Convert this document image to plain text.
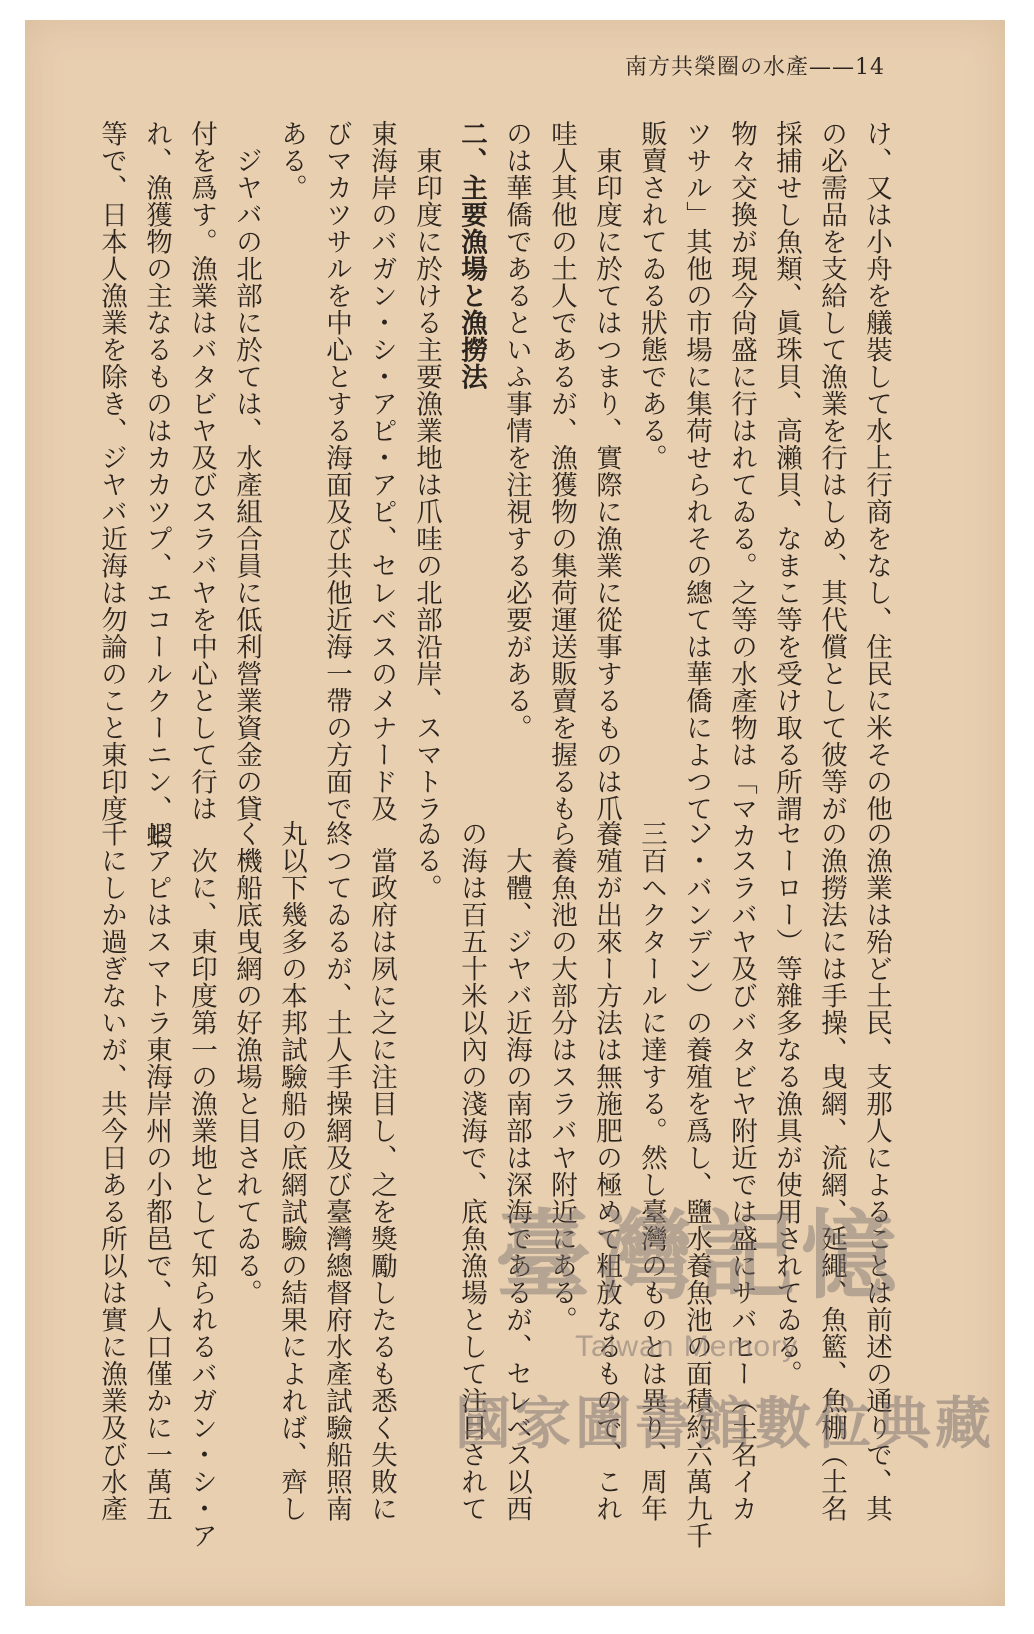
南方共榮圈の水產——14
け、又は小舟を艤裝して水上行商をなし、住民に米その他
の必需品を支給して漁業を行はしめ、其代償として彼等が
採捕せし魚類、眞珠貝、高瀨貝、なまこ等を受け取る所謂
物々交換が現今尙盛に行はれてゐる。之等の水產物は「マカ
ツサル」其他の市場に集荷せられその總ては華僑によつて、
販賣されてゐる狀態である。
　東印度に於てはつまり、實際に漁業に從事するものは爪
哇人其他の土人であるが、漁獲物の集荷運送販賣を握るも
のは華僑であるといふ事情を注視する必要がある。
二、主要漁場と漁撈法
　東印度に於ける主要漁業地は爪哇の北部沿岸、スマトラ
東海岸のバガン・シ・アピ・アピ、セレベスのメナード及
びマカツサルを中心とする海面及び共他近海一帶の方面で
ある。
　ジヤバの北部に於ては、水產組合員に低利營業資金の貸
付を爲す。漁業はバタビヤ及びスラバヤを中心として行は
れ、漁獲物の主なるものはカカツプ、エコールクーニン、蝦
等で、日本人漁業を除き、ジヤバ近海は勿論のこと東印度
の漁業は殆ど土民、支那人によることは前述の通りで、其
の漁撈法には手操、曳網、流網、延繩、魚籃、魚棚（土名
セーロー）等雜多なる漁具が使用されてゐる。
　スラバヤ及びバタビヤ附近では盛にサバヒー（土名イカ
ン・バンデン）の養殖を爲し、鹽水養魚池の面積約六萬九千
三百ヘクタールに達する。然し臺灣のものとは異り、周年
養殖が出來ー方法は無施肥の極めて粗放なるもので、これ
ら養魚池の大部分はスラバヤ附近にある。
　大體、ジヤバ近海の南部は深海であるが、セレベス以西
の海は百五十米以內の淺海で、底魚漁場として注目されて
ゐる。
　當政府は夙に之に注目し、之を獎勵したるも悉く失敗に
終つてゐるが、土人手操網及び臺灣總督府水產試驗船照南
丸以下幾多の本邦試驗船の底網試驗の結果によれば、齊し
く機船底曳網の好漁場と目されてゐる。
　次に、東印度第一の漁業地として知られるバガン・シ・ア
ピアピはスマトラ東海岸州の小都邑で、人口僅かに一萬五
千にしか過ぎないが、共今日ある所以は實に漁業及び水產	臺灣記憶
Taiwan Memory
國家圖書館數位典藏
